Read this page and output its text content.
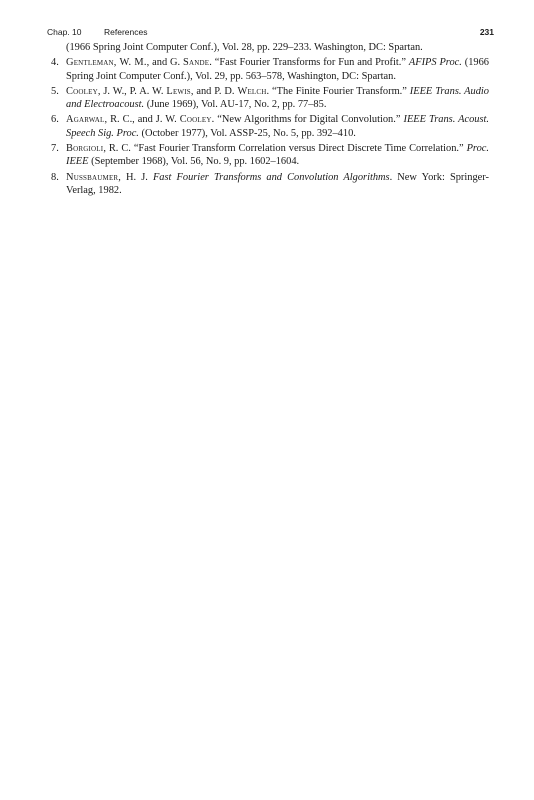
Chap. 10	References	231

(1966 Spring Joint Computer Conf.), Vol. 28, pp. 229–233. Washington, DC: Spartan.

4. Gentleman, W. M., and G. Sande. “Fast Fourier Transforms for Fun and Profit.” AFIPS Proc. (1966 Spring Joint Computer Conf.), Vol. 29, pp. 563–578, Washington, DC: Spartan.

5. Cooley, J. W., P. A. W. Lewis, and P. D. Welch. “The Finite Fourier Transform.” IEEE Trans. Audio and Electroacoust. (June 1969), Vol. AU-17, No. 2, pp. 77–85.

6. Agarwal, R. C., and J. W. Cooley. “New Algorithms for Digital Convolution.” IEEE Trans. Acoust. Speech Sig. Proc. (October 1977), Vol. ASSP-25, No. 5, pp. 392–410.

7. Borgioli, R. C. “Fast Fourier Transform Correlation versus Direct Discrete Time Correlation.” Proc. IEEE (September 1968), Vol. 56, No. 9, pp. 1602–1604.

8. Nussbaumer, H. J. Fast Fourier Transforms and Convolution Algorithms. New York: Springer-Verlag, 1982.
